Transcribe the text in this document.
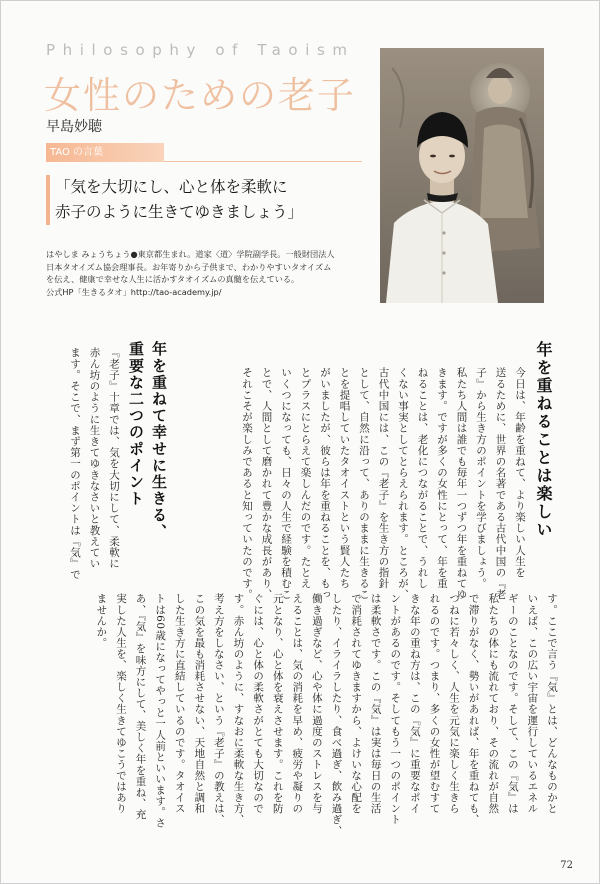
Philosophy of Taoism
女性のための老子
早島妙聴
TAO の言葉
「気を大切にし、心と体を柔軟に
赤子のように生きてゆきましょう」
はやしま みょうちょう●東京都生まれ。道家〈道〉学院副学長。一般財団法人
日本タオイズム協会理事長。お年寄りから子供まで、わかりやすいタオイズム
を伝え、健康で幸せな人生に活かすタオイズムの真髄を伝えている。
公式HP「生きるタオ」http://tao-academy.jp/
年を重ねることは楽しい
今日は、年齢を重ねて、より楽しい人生を
送るために、世界の名著である古代中国の『老
子』から生き方のポイントを学びましょう。
私たち人間は誰でも毎年一つずつ年を重ねてゆ
きます。ですが多くの女性にとって、年を重
ねることは、老化につながることで、うれし
くない事実としてとらえられます。ところが、
古代中国には、この『老子』を生き方の指針
として、自然に沿って、ありのままに生きるこ
とを提唱していたタオイストという賢人たち
がいましたが、彼らは年を重ねることを、もっ
とプラスにとらえて楽しんだのです。たとえ
いくつになっても、日々の人生で経験を積むこ
とで、人間として磨かれて豊かな成長があり、
それこそが楽しみであると知っていたのです。
年を重ねて幸せに生きる、
重要な二つのポイント
『老子』十章では、気を大切にして、柔軟に
赤ん坊のように生きてゆきなさいと教えてい
ます。そこで、まず第一のポイントは『気』で
す。ここで言う『気』とは、どんなものかと
いえば、この広い宇宙を運行しているエネル
ギーのことなのです。そして、この『気』は
私たちの体にも流れており、その流れが自然
で滞りがなく、勢いがあれば、年を重ねても、
つねに若々しく、人生を元気に楽しく生きら
れるのです。つまり、多くの女性が望むすて
きな年の重ね方は、この『気』に重要なポイ
ントがあるのです。そしてもう一つのポイント
は柔軟さです。この『気』は実は毎日の生活
で消耗されてゆきますから、よけいな心配を
したり、イライラしたり、食べ過ぎ、飲み過ぎ、
働き過ぎなど、心や体に過度のストレスを与
えることは、気の消耗を早め、疲労や凝りの
元となり、心と体を衰えさせます。これを防
ぐには、心と体の柔軟さがとても大切なので
す。赤ん坊のように、すなおに柔軟な生き方、
考え方をしなさい、という『老子』の教えは、
この気を最も消耗させない、天地自然と調和
した生き方に直結しているのです。タオイス
トは60歳になってやっと一人前といいます。さ
あ、『気』を味方にして、美しく年を重ね、充
実した人生を、楽しく生きてゆこうではあり
ませんか。
72
